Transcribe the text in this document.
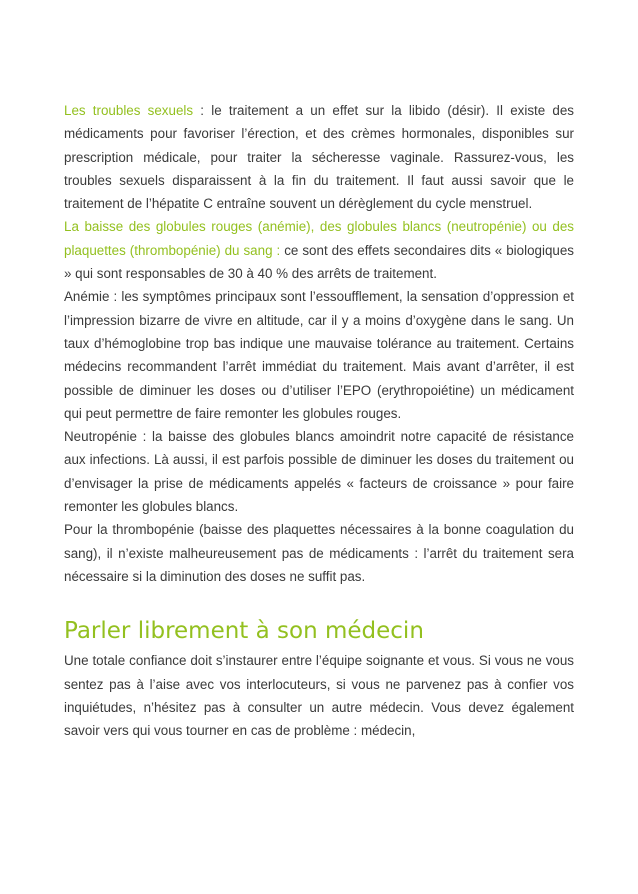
Les troubles sexuels : le traitement a un effet sur la libido (désir). Il existe des médicaments pour favoriser l’érection, et des crèmes hormonales, disponibles sur prescription médicale, pour traiter la sécheresse vaginale. Rassurez-vous, les troubles sexuels disparaissent à la fin du traitement. Il faut aussi savoir que le traitement de l’hépatite C entraîne souvent un dérèglement du cycle menstruel.

La baisse des globules rouges (anémie), des globules blancs (neutropénie) ou des plaquettes (thrombopénie) du sang : ce sont des effets secondaires dits « biologiques » qui sont responsables de 30 à 40 % des arrêts de traitement.

Anémie : les symptômes principaux sont l’essoufflement, la sensation d’oppression et l’impression bizarre de vivre en altitude, car il y a moins d’oxygène dans le sang. Un taux d’hémoglobine trop bas indique une mauvaise tolérance au traitement. Certains médecins recommandent l’arrêt immédiat du traitement. Mais avant d’arrêter, il est possible de diminuer les doses ou d’utiliser l’EPO (erythropoiétine) un médicament qui peut permettre de faire remonter les globules rouges.

Neutropénie : la baisse des globules blancs amoindrit notre capacité de résistance aux infections. Là aussi, il est parfois possible de diminuer les doses du traitement ou d’envisager la prise de médicaments appelés « facteurs de croissance » pour faire remonter les globules blancs.

Pour la thrombopénie (baisse des plaquettes nécessaires à la bonne coagulation du sang), il n’existe malheureusement pas de médicaments : l’arrêt du traitement sera nécessaire si la diminution des doses ne suffit pas.

Parler librement à son médecin

Une totale confiance doit s’instaurer entre l’équipe soignante et vous. Si vous ne vous sentez pas à l’aise avec vos interlocuteurs, si vous ne parvenez pas à confier vos inquiétudes, n’hésitez pas à consulter un autre médecin. Vous devez également savoir vers qui vous tourner en cas de problème : médecin,
